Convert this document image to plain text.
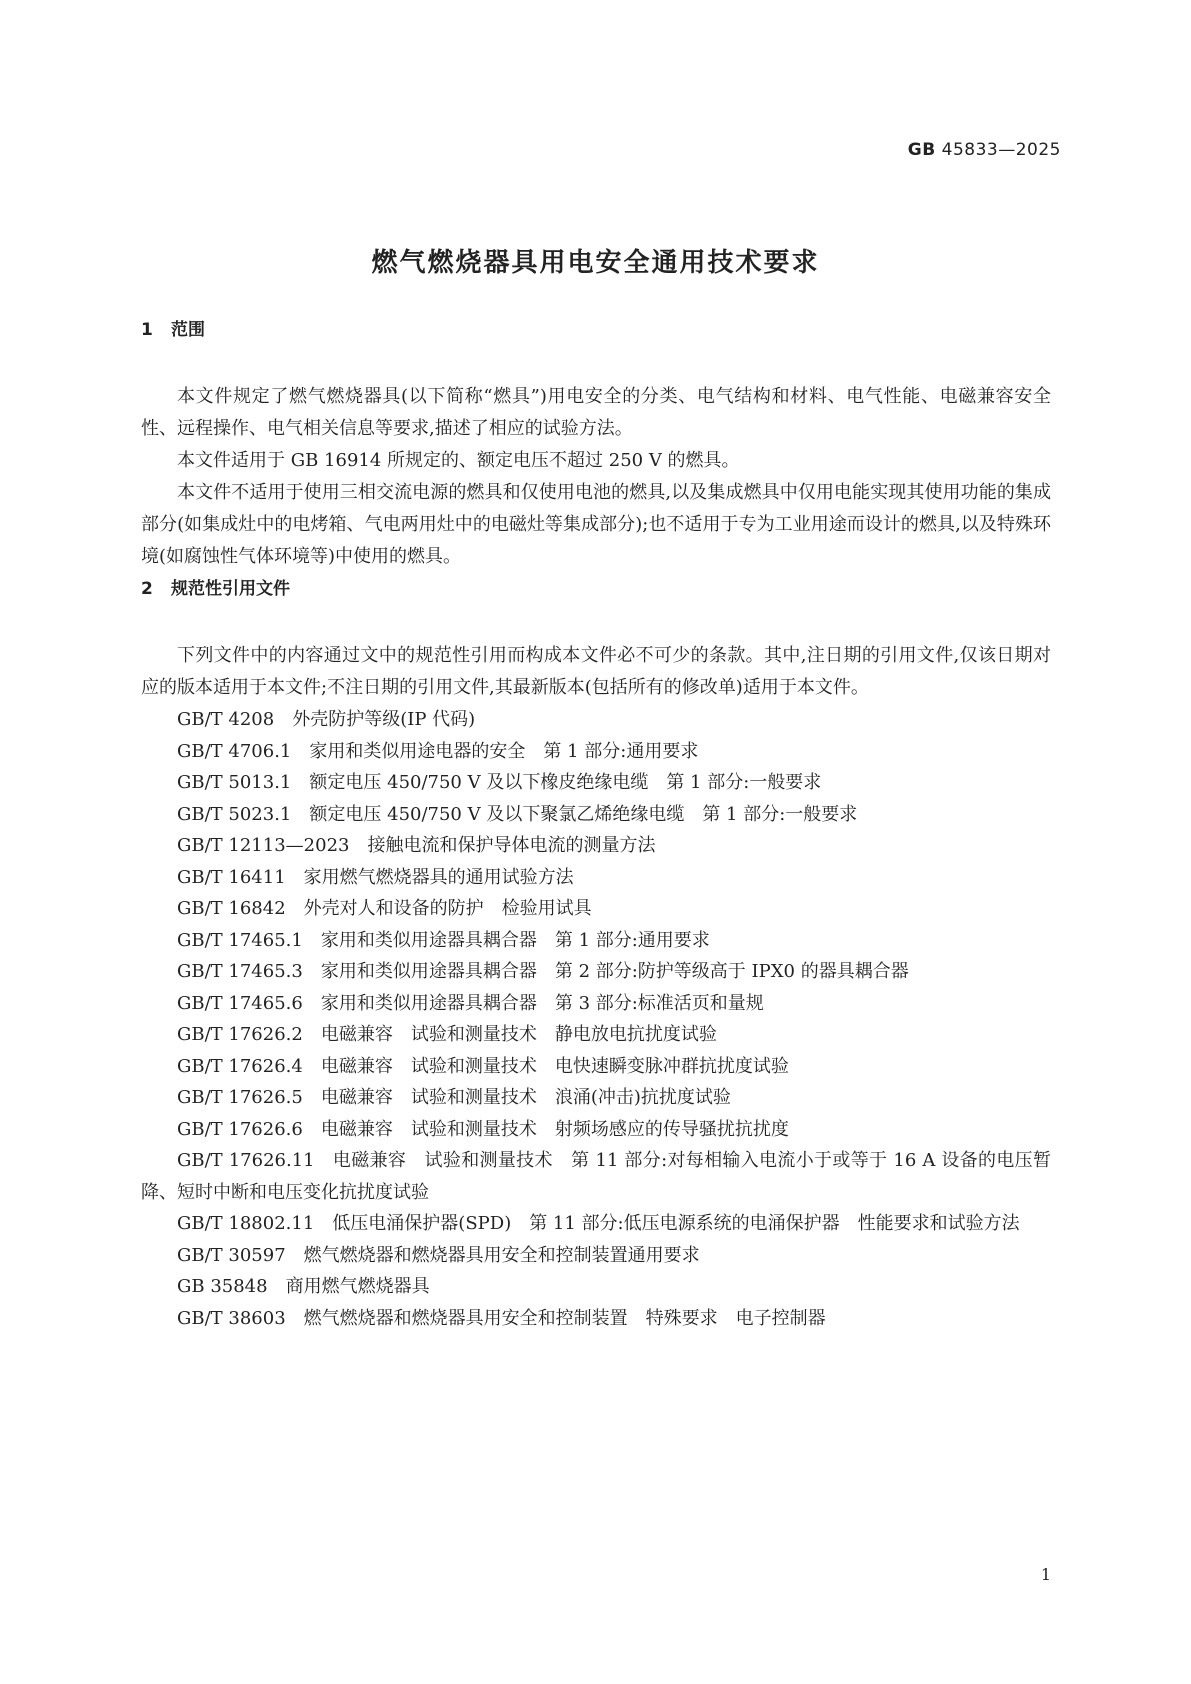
GB 45833—2025
燃气燃烧器具用电安全通用技术要求
1 范围

本文件规定了燃气燃烧器具(以下简称“燃具”)用电安全的分类、电气结构和材料、电气性能、电磁兼容安全性、远程操作、电气相关信息等要求,描述了相应的试验方法。

本文件适用于 GB 16914 所规定的、额定电压不超过 250 V 的燃具。

本文件不适用于使用三相交流电源的燃具和仅使用电池的燃具,以及集成燃具中仅用电能实现其使用功能的集成部分(如集成灶中的电烤箱、气电两用灶中的电磁灶等集成部分);也不适用于专为工业用途而设计的燃具,以及特殊环境(如腐蚀性气体环境等)中使用的燃具。

2 规范性引用文件

下列文件中的内容通过文中的规范性引用而构成本文件必不可少的条款。其中,注日期的引用文件,仅该日期对应的版本适用于本文件;不注日期的引用文件,其最新版本(包括所有的修改单)适用于本文件。

GB/T 4208 外壳防护等级(IP 代码)

GB/T 4706.1 家用和类似用途电器的安全　第 1 部分:通用要求

GB/T 5013.1 额定电压 450/750 V 及以下橡皮绝缘电缆　第 1 部分:一般要求

GB/T 5023.1 额定电压 450/750 V 及以下聚氯乙烯绝缘电缆　第 1 部分:一般要求

GB/T 12113—2023 接触电流和保护导体电流的测量方法

GB/T 16411 家用燃气燃烧器具的通用试验方法

GB/T 16842 外壳对人和设备的防护　检验用试具

GB/T 17465.1 家用和类似用途器具耦合器　第 1 部分:通用要求

GB/T 17465.3 家用和类似用途器具耦合器　第 2 部分:防护等级高于 IPX0 的器具耦合器

GB/T 17465.6 家用和类似用途器具耦合器　第 3 部分:标准活页和量规

GB/T 17626.2 电磁兼容　试验和测量技术　静电放电抗扰度试验

GB/T 17626.4 电磁兼容　试验和测量技术　电快速瞬变脉冲群抗扰度试验

GB/T 17626.5 电磁兼容　试验和测量技术　浪涌(冲击)抗扰度试验

GB/T 17626.6 电磁兼容　试验和测量技术　射频场感应的传导骚扰抗扰度

GB/T 17626.11 电磁兼容　试验和测量技术　第 11 部分:对每相输入电流小于或等于 16 A 设备的电压暂降、短时中断和电压变化抗扰度试验

GB/T 18802.11 低压电涌保护器(SPD)　第 11 部分:低压电源系统的电涌保护器　性能要求和试验方法

GB/T 30597 燃气燃烧器和燃烧器具用安全和控制装置通用要求

GB 35848 商用燃气燃烧器具

GB/T 38603 燃气燃烧器和燃烧器具用安全和控制装置　特殊要求　电子控制器

1
